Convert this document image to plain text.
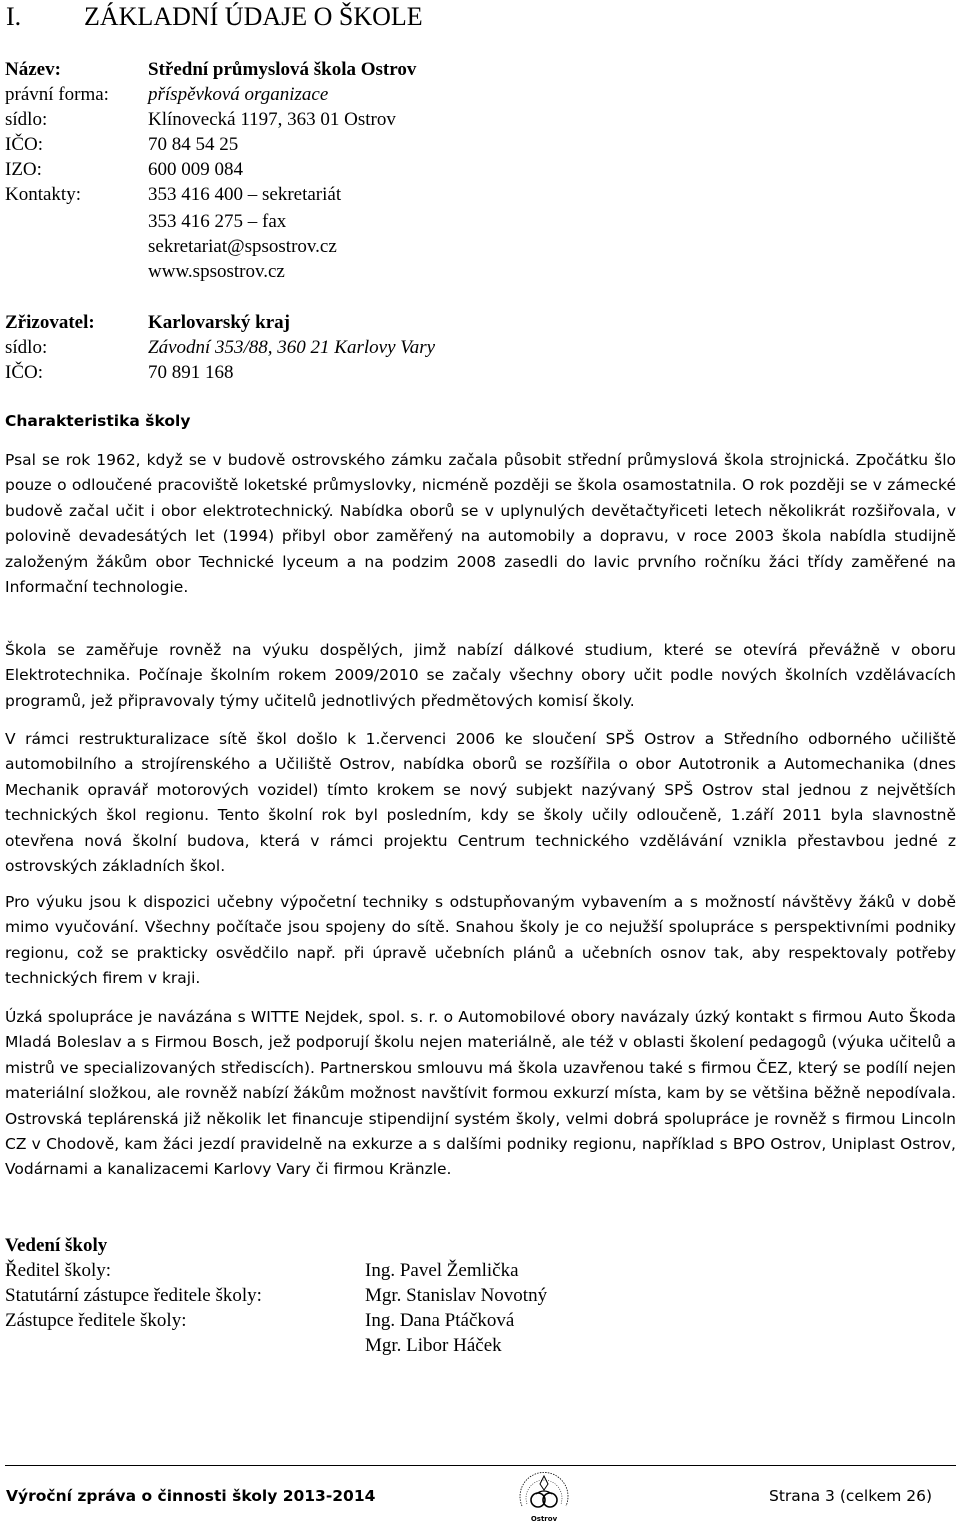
I. ZÁKLADNÍ ÚDAJE O ŠKOLE
Název:	Střední průmyslová škola Ostrov
právní forma: příspěvková organizace
sídlo:	Klínovecká 1197, 363 01 Ostrov
IČO:	70 84 54 25
IZO:	600 009 084
Kontakty:	353 416 400 – sekretariát
353 416 275 – fax
sekretariat@spsostrov.cz
www.spsostrov.cz
Zřizovatel:	Karlovarský kraj
sídlo:	Závodní 353/88, 360 21 Karlovy Vary
IČO:	70 891 168
Charakteristika školy

Psal se rok 1962, když se v budově ostrovského zámku začala působit střední průmyslová škola strojnická. Zpočátku šlo pouze o odloučené pracoviště loketské průmyslovky, nicméně později se škola osamostatnila. O rok později se v zámecké budově začal učit i obor elektrotechnický. Nabídka oborů se v uplynulých devětačtyřiceti letech několikrát rozšiřovala, v polovině devadesátých let (1994) přibyl obor zaměřený na automobily a dopravu, v roce 2003 škola nabídla studijně založeným žákům obor Technické lyceum a na podzim 2008 zasedli do lavic prvního ročníku žáci třídy zaměřené na Informační technologie.

Škola se zaměřuje rovněž na výuku dospělých, jimž nabízí dálkové studium, které se otevírá převážně v oboru Elektrotechnika. Počínaje školním rokem 2009/2010 se začaly všechny obory učit podle nových školních vzdělávacích programů, jež připravovaly týmy učitelů jednotlivých předmětových komisí školy.

V rámci restrukturalizace sítě škol došlo k 1.červenci 2006 ke sloučení SPŠ Ostrov a Středního odborného učiliště automobilního a strojírenského a Učiliště Ostrov, nabídka oborů se rozšířila o obor Autotronik a Automechanika (dnes Mechanik opravář motorových vozidel) tímto krokem se nový subjekt nazývaný SPŠ Ostrov stal jednou z největších technických škol regionu. Tento školní rok byl posledním, kdy se školy učily odloučeně, 1.září 2011 byla slavnostně otevřena nová školní budova, která v rámci projektu Centrum technického vzdělávání vznikla přestavbou jedné z ostrovských základních škol.

Pro výuku jsou k dispozici učebny výpočetní techniky s odstupňovaným vybavením a s možností návštěvy žáků v době mimo vyučování. Všechny počítače jsou spojeny do sítě. Snahou školy je co nejužší spolupráce s perspektivními podniky regionu, což se prakticky osvědčilo např. při úpravě učebních plánů a učebních osnov tak, aby respektovaly potřeby technických firem v kraji.

Úzká spolupráce je navázána s WITTE Nejdek, spol. s. r. o Automobilové obory navázaly úzký kontakt s firmou Auto Škoda Mladá Boleslav a s Firmou Bosch, jež podporují školu nejen materiálně, ale též v oblasti školení pedagogů (výuka učitelů a mistrů ve specializovaných střediscích). Partnerskou smlouvu má škola uzavřenou také s firmou ČEZ, který se podílí nejen materiální složkou, ale rovněž nabízí žákům možnost navštívit formou exkurzí místa, kam by se většina běžně nepodívala. Ostrovská teplárenská již několik let financuje stipendijní systém školy, velmi dobrá spolupráce je rovněž s firmou Lincoln CZ v Chodově, kam žáci jezdí pravidelně na exkurze a s dalšími podniky regionu, například s BPO Ostrov, Uniplast Ostrov, Vodárnami a kanalizacemi Karlovy Vary či firmou Kränzle.

Vedení školy
Ředitel školy:	Ing. Pavel Žemlička
Statutární zástupce ředitele školy:	Mgr. Stanislav Novotný
Zástupce ředitele školy:	Ing. Dana Ptáčková
Mgr. Libor Háček
Výroční zpráva o činnosti školy 2013-2014
Ostrov
Strana 3 (celkem 26)
